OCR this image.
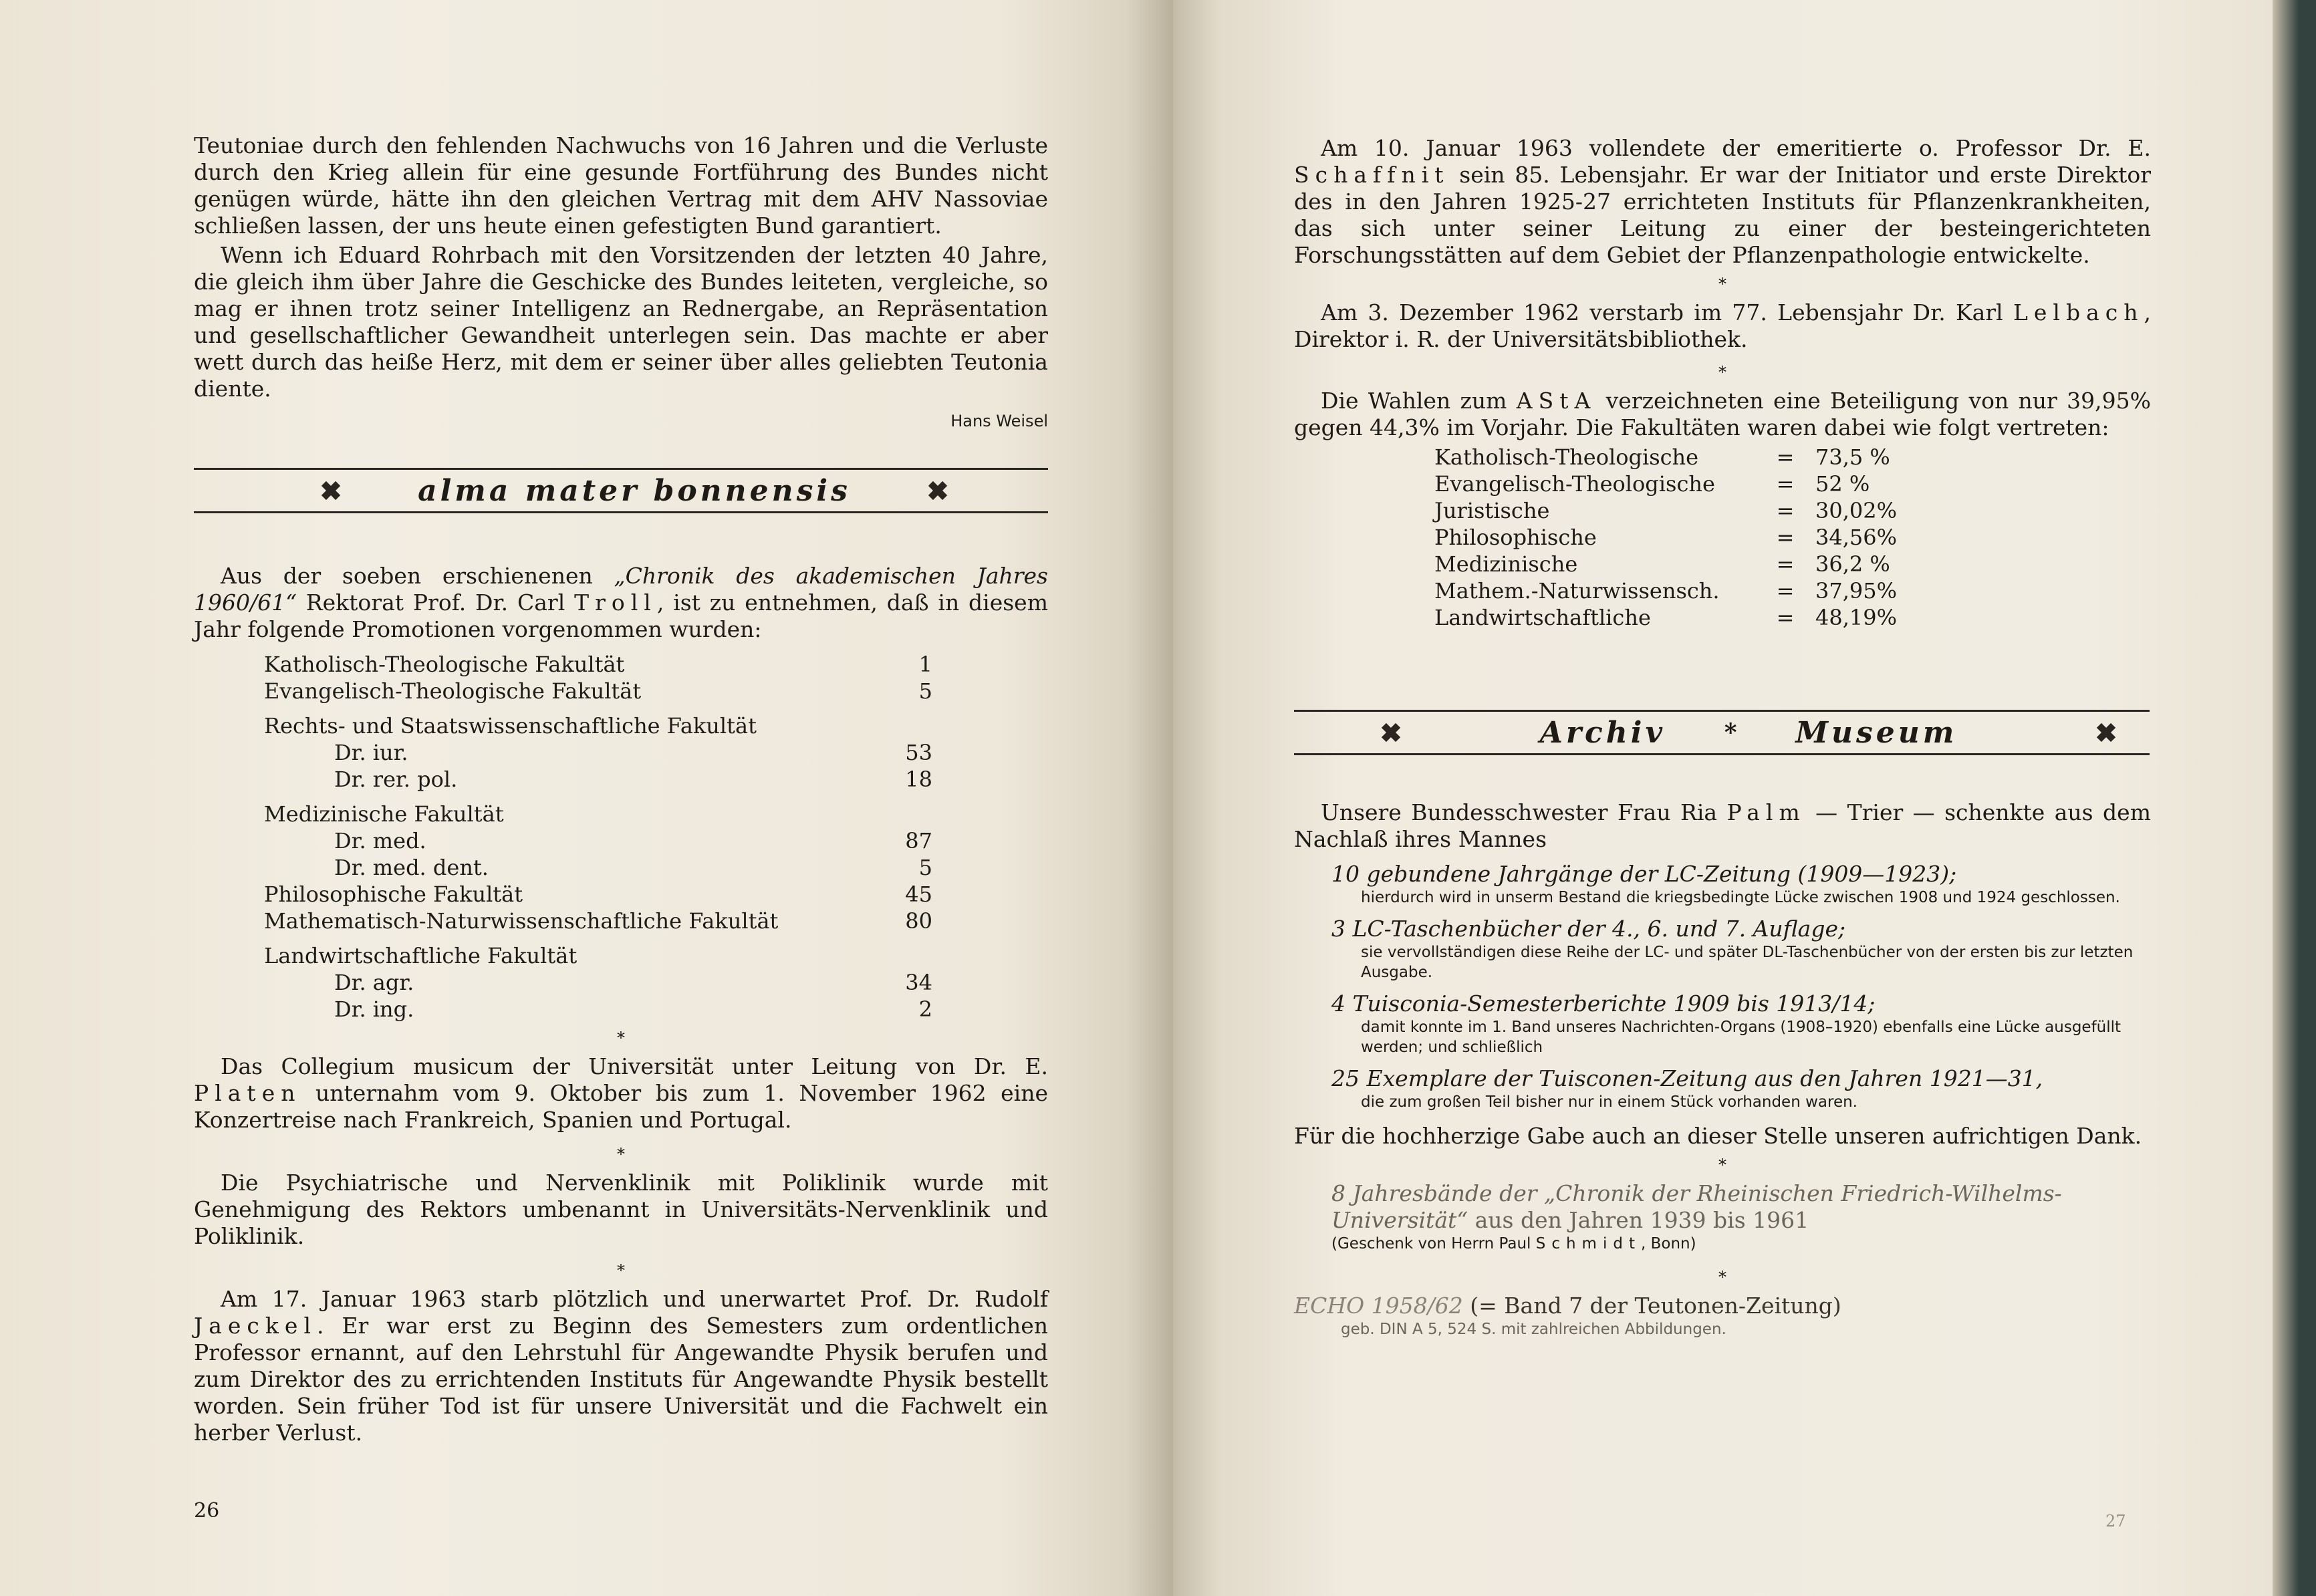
Teutoniae durch den fehlenden Nachwuchs von 16 Jahren und die Verluste durch den Krieg allein für eine gesunde Fortführung des Bundes nicht genügen würde, hätte ihn den gleichen Vertrag mit dem AHV Nassoviae schließen lassen, der uns heute einen gefestigten Bund garantiert.

Wenn ich Eduard Rohrbach mit den Vorsitzenden der letzten 40 Jahre, die gleich ihm über Jahre die Geschicke des Bundes leiteten, vergleiche, so mag er ihnen trotz seiner Intelligenz an Rednergabe, an Repräsentation und gesellschaftlicher Gewandheit unterlegen sein. Das machte er aber wett durch das heiße Herz, mit dem er seiner über alles geliebten Teutonia diente.

Hans Weisel
alma mater bonnensis

Aus der soeben erschienenen „Chronik des akademischen Jahres 1960/61“ Rektorat Prof. Dr. Carl Troll, ist zu entnehmen, daß in diesem Jahr folgende Promotionen vorgenommen wurden:

Katholisch-Theologische Fakultät	1
Evangelisch-Theologische Fakultät	5
Rechts- und Staatswissenschaftliche Fakultät	
Dr. iur.	53
Dr. rer. pol.	18
Medizinische Fakultät	
Dr. med.	87
Dr. med. dent.	5
Philosophische Fakultät	45
Mathematisch-Naturwissenschaftliche Fakultät	80
Landwirtschaftliche Fakultät	
Dr. agr.	34
Dr. ing.	2
*

Das Collegium musicum der Universität unter Leitung von Dr. E. Platen unternahm vom 9. Oktober bis zum 1. November 1962 eine Konzertreise nach Frankreich, Spanien und Portugal.

*

Die Psychiatrische und Nervenklinik mit Poliklinik wurde mit Genehmigung des Rektors umbenannt in Universitäts-Nervenklinik und Poliklinik.

*

Am 17. Januar 1963 starb plötzlich und unerwartet Prof. Dr. Rudolf Jaeckel. Er war erst zu Beginn des Semesters zum ordentlichen Professor ernannt, auf den Lehrstuhl für Angewandte Physik berufen und zum Direktor des zu errichtenden Instituts für Angewandte Physik bestellt worden. Sein früher Tod ist für unsere Universität und die Fachwelt ein herber Verlust.

26

Am 10. Januar 1963 vollendete der emeritierte o. Professor Dr. E. Schaffnit sein 85. Lebensjahr. Er war der Initiator und erste Direktor des in den Jahren 1925-27 errichteten Instituts für Pflanzenkrankheiten, das sich unter seiner Leitung zu einer der besteingerichteten Forschungsstätten auf dem Gebiet der Pflanzenpathologie entwickelte.

*

Am 3. Dezember 1962 verstarb im 77. Lebensjahr Dr. Karl Lelbach, Direktor i. R. der Universitätsbibliothek.

*

Die Wahlen zum AStA verzeichneten eine Beteiligung von nur 39,95% gegen 44,3% im Vorjahr. Die Fakultäten waren dabei wie folgt vertreten:

Katholisch-Theologische	=	73,5 %
Evangelisch-Theologische	=	52 %
Juristische	=	30,02%
Philosophische	=	34,56%
Medizinische	=	36,2 %
Mathem.-Naturwissensch.	=	37,95%
Landwirtschaftliche	=	48,19%
Archiv * Museum

Unsere Bundesschwester Frau Ria Palm — Trier — schenkte aus dem Nachlaß ihres Mannes

10 gebundene Jahrgänge der LC-Zeitung (1909—1923);
hierdurch wird in unserm Bestand die kriegsbedingte Lücke zwischen 1908 und 1924 geschlossen.
3 LC-Taschenbücher der 4., 6. und 7. Auflage;
sie vervollständigen diese Reihe der LC- und später DL-Taschenbücher von der ersten bis zur letzten Ausgabe.
4 Tuisconia-Semesterberichte 1909 bis 1913/14;
damit konnte im 1. Band unseres Nachrichten-Organs (1908–1920) ebenfalls eine Lücke ausgefüllt werden; und schließlich
25 Exemplare der Tuisconen-Zeitung aus den Jahren 1921—31,
die zum großen Teil bisher nur in einem Stück vorhanden waren.

Für die hochherzige Gabe auch an dieser Stelle unseren aufrichtigen Dank.

*
8 Jahresbände der „Chronik der Rheinischen Friedrich-Wilhelms-Universität“ aus den Jahren 1939 bis 1961
(Geschenk von Herrn Paul Schmidt, Bonn)
*
ECHO 1958/62 (= Band 7 der Teutonen-Zeitung)
geb. DIN A 5, 524 S. mit zahlreichen Abbildungen.
27
